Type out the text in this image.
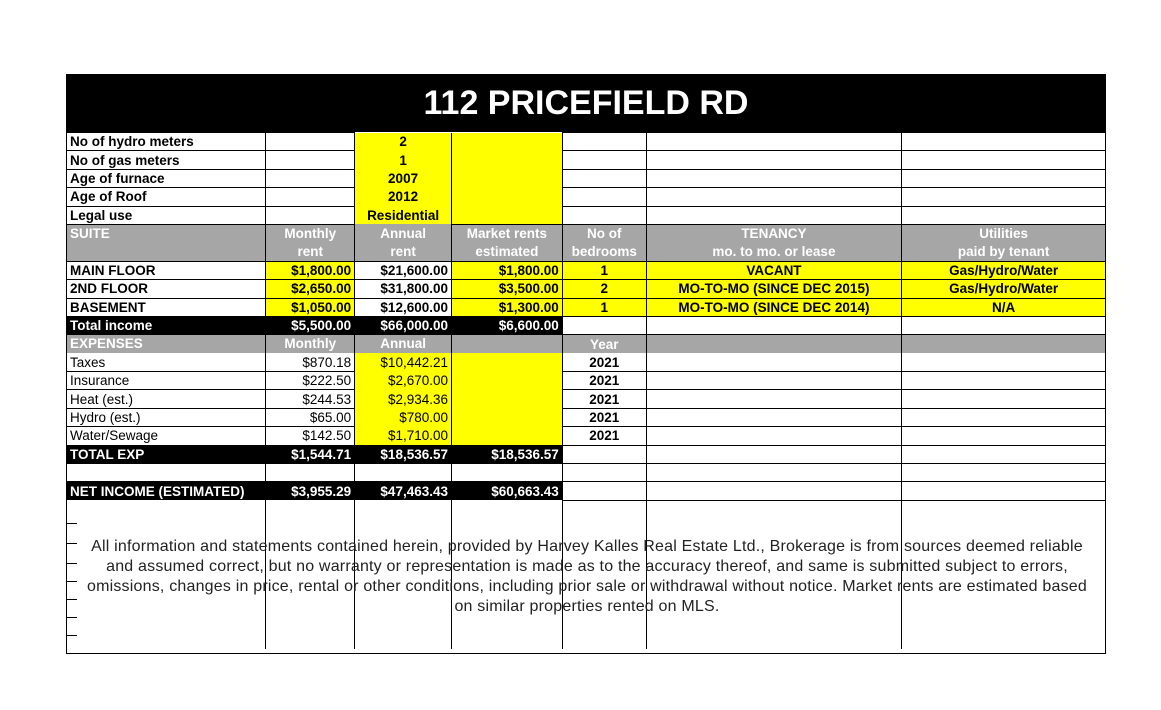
112 PRICEFIELD RD
No of hydro meters		2				
No of gas meters		1				
Age of furnace		2007				
Age of Roof		2012				
Legal use		Residential				
SUITE	Monthly	Annual	Market rents	No of	TENANCY	Utilities
	rent	rent	estimated	bedrooms	mo. to mo. or lease	paid by tenant
MAIN FLOOR	$1,800.00	$21,600.00	$1,800.00	1	VACANT	Gas/Hydro/Water
2ND FLOOR	$2,650.00	$31,800.00	$3,500.00	2	MO-TO-MO (SINCE DEC 2015)	Gas/Hydro/Water
BASEMENT	$1,050.00	$12,600.00	$1,300.00	1	MO-TO-MO (SINCE DEC 2014)	N/A
Total income	$5,500.00	$66,000.00	$6,600.00			
EXPENSES	Monthly	Annual		Year		
Taxes	$870.18	$10,442.21		2021		
Insurance	$222.50	$2,670.00		2021		
Heat (est.)	$244.53	$2,934.36		2021		
Hydro (est.)	$65.00	$780.00		2021		
Water/Sewage	$142.50	$1,710.00		2021		
TOTAL EXP	$1,544.71	$18,536.57	$18,536.57			

NET INCOME (ESTIMATED)	$3,955.29	$47,463.43	$60,663.43			

All information and statements contained herein, provided by Harvey Kalles Real Estate Ltd., Brokerage is from sources deemed reliable and assumed correct, but no warranty or representation is made as to the accuracy thereof, and same is submitted subject to errors, omissions, changes in price, rental or other conditions, including prior sale or withdrawal without notice. Market rents are estimated based on similar properties rented on MLS.
